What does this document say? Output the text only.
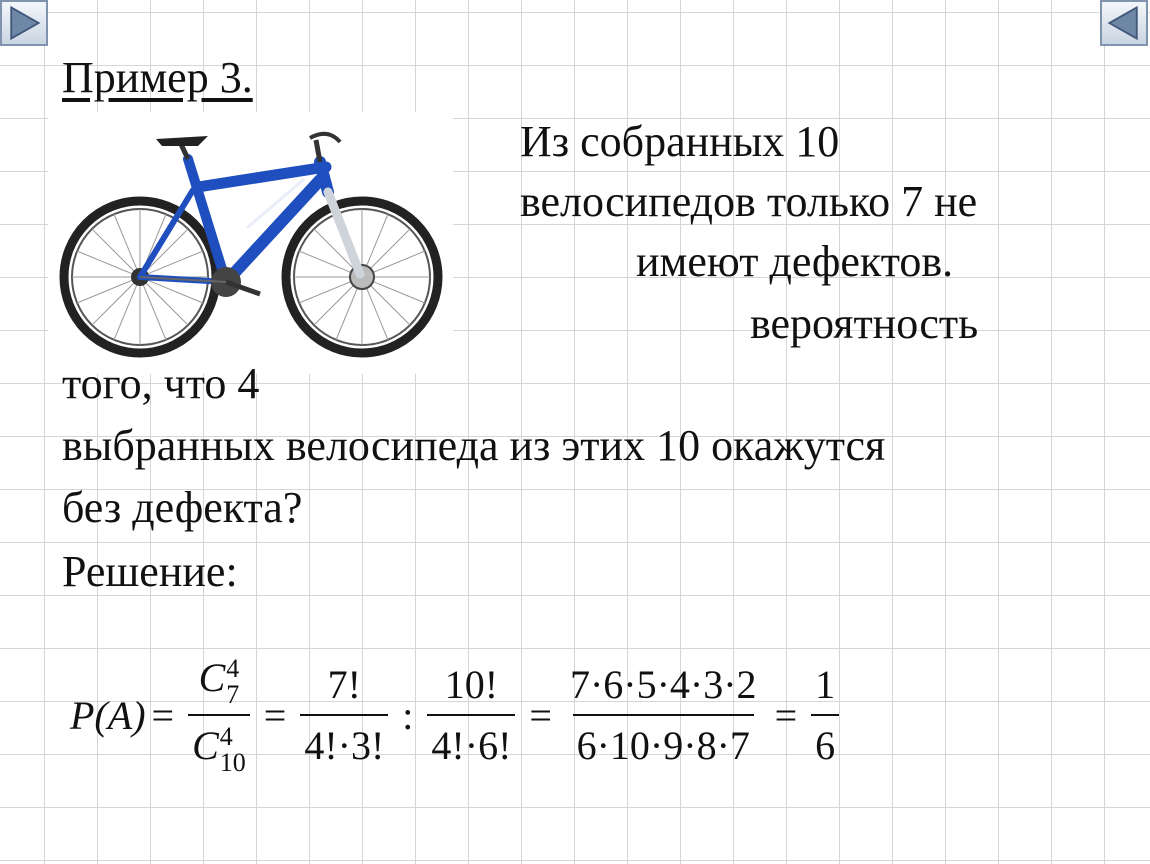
Пример 3.
Из собранных 10
велосипедов только 7 не
имеют дефектов.
вероятность
того, что 4
выбранных велосипеда из этих 10 окажутся
без дефекта?
Решение:
P(A) = C 4
7
C 4
$10 = \frac{7!}{4!\cdot 3!}$ : $\frac{10!}{4!\cdot 6!} = \frac{7\cdot 6\cdot 5\cdot 4\cdot 3\cdot 2}{6\cdot 10\cdot 9\cdot 8\cdot 7} = \frac{1}{6}$
